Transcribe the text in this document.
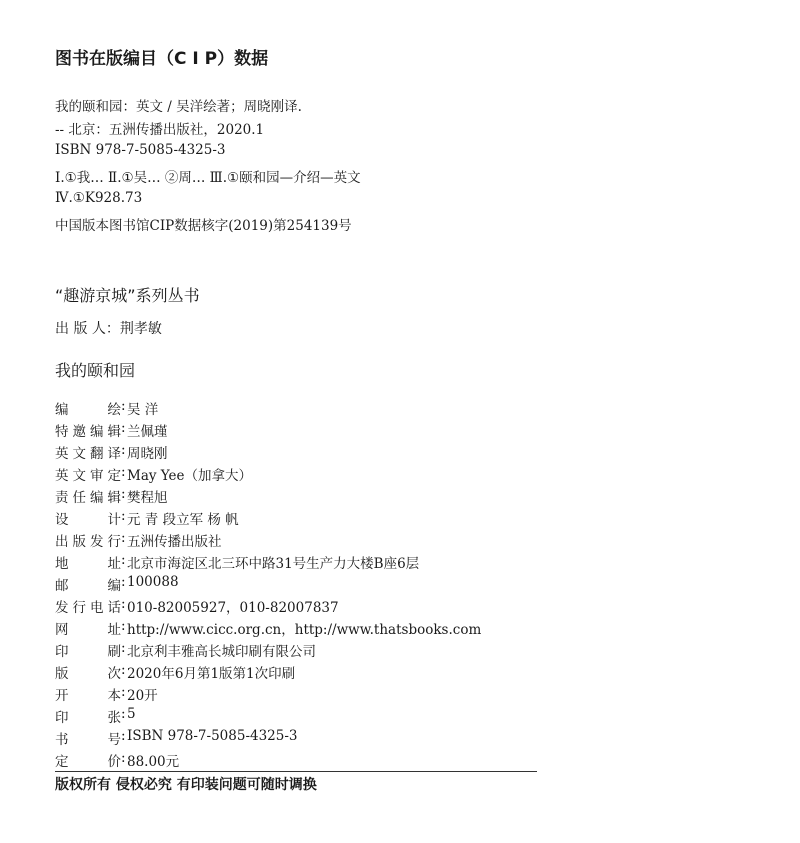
图书在版编目（C I P）数据
我的颐和园：英文 / 吴洋绘著；周晓刚译.
-- 北京：五洲传播出版社，2020.1
ISBN 978-7-5085-4325-3
Ⅰ.①我… Ⅱ.①吴… ②周… Ⅲ.①颐和园—介绍—英文
Ⅳ.①K928.73
中国版本图书馆CIP数据核字(2019)第254139号
“趣游京城”系列丛书
出 版 人：荆孝敏
我的颐和园
编绘 : 吴 洋
特邀编辑 : 兰佩瑾
英文翻译 : 周晓刚
英文审定 : May Yee（加拿大）
责任编辑 : 樊程旭
设计 : 元 青 段立军 杨 帆
出版发行 : 五洲传播出版社
地址 : 北京市海淀区北三环中路31号生产力大楼B座6层
邮编 : 100088
发行电话 : 010-82005927，010-82007837
网址 : http://www.cicc.org.cn，http://www.thatsbooks.com
印刷 : 北京利丰雅高长城印刷有限公司
版次 : 2020年6月第1版第1次印刷
开本 : 20开
印张 : 5
书号 : ISBN 978-7-5085-4325-3
定价 : 88.00元
版权所有 侵权必究 有印装问题可随时调换
